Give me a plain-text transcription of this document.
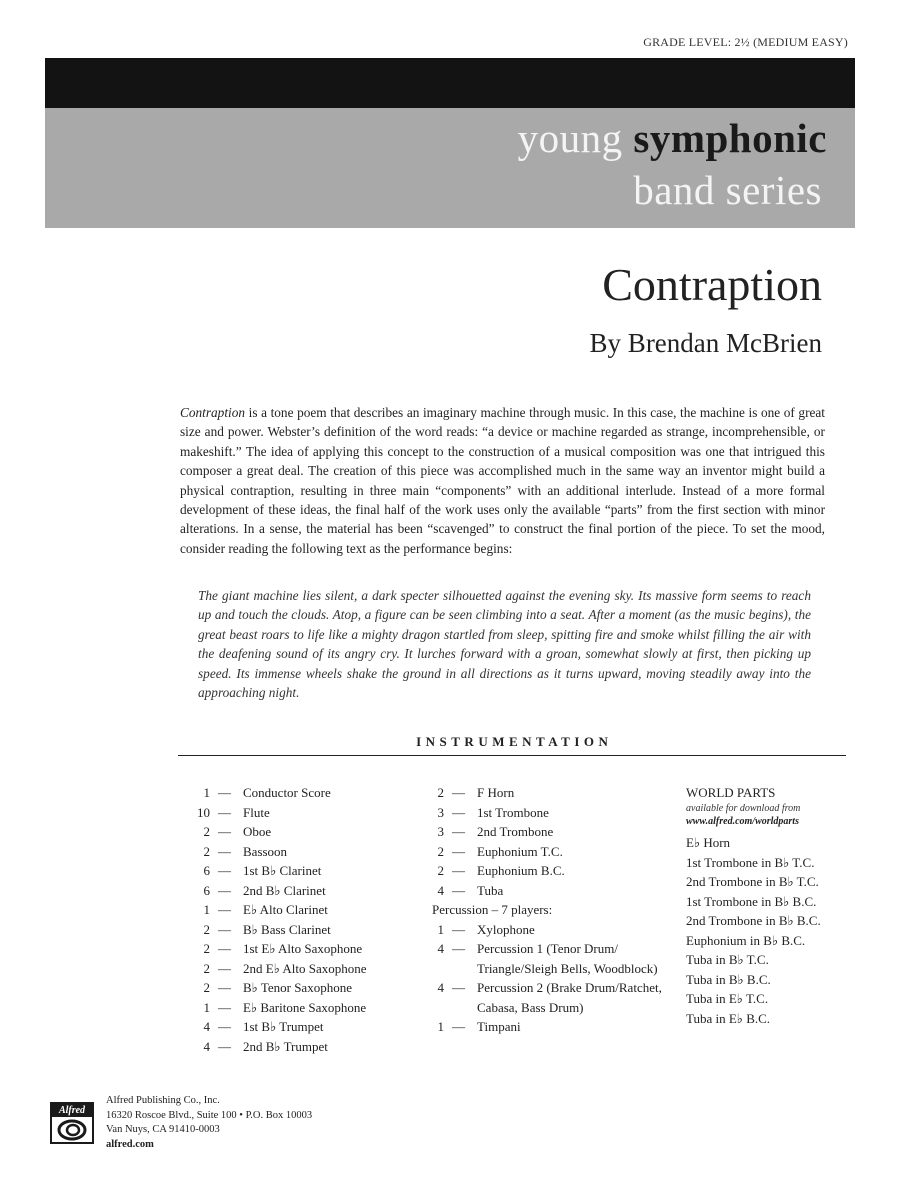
GRADE LEVEL: 2½ (MEDIUM EASY)
young symphonic
band series
Contraption
By Brendan McBrien
Contraption is a tone poem that describes an imaginary machine through music. In this case, the machine is one of great size and power. Webster’s definition of the word reads: “a device or machine regarded as strange, incomprehensible, or makeshift.” The idea of applying this concept to the construction of a musical composition was one that intrigued this composer a great deal. The creation of this piece was accomplished much in the same way an inventor might build a physical contraption, resulting in three main “components” with an additional interlude. Instead of a more formal development of these ideas, the final half of the work uses only the available “parts” from the first section with minor alterations. In a sense, the material has been “scavenged” to construct the final portion of the piece. To set the mood, consider reading the following text as the performance begins:
The giant machine lies silent, a dark specter silhouetted against the evening sky. Its massive form seems to reach up and touch the clouds. Atop, a figure can be seen climbing into a seat. After a moment (as the music begins), the great beast roars to life like a mighty dragon startled from sleep, spitting fire and smoke whilst filling the air with the deafening sound of its angry cry. It lurches forward with a groan, somewhat slowly at first, then picking up speed. Its immense wheels shake the ground in all directions as it turns upward, moving steadily away into the approaching night.
INSTRUMENTATION
1 — Conductor Score
10 — Flute
2 — Oboe
2 — Bassoon
6 — 1st B♭ Clarinet
6 — 2nd B♭ Clarinet
1 — E♭ Alto Clarinet
2 — B♭ Bass Clarinet
2 — 1st E♭ Alto Saxophone
2 — 2nd E♭ Alto Saxophone
2 — B♭ Tenor Saxophone
1 — E♭ Baritone Saxophone
4 — 1st B♭ Trumpet
4 — 2nd B♭ Trumpet
2 — F Horn
3 — 1st Trombone
3 — 2nd Trombone
2 — Euphonium T.C.
2 — Euphonium B.C.
4 — Tuba
Percussion – 7 players:
1 — Xylophone
4 — Percussion 1 (Tenor Drum/
Triangle/Sleigh Bells, Woodblock)
4 — Percussion 2 (Brake Drum/Ratchet,
Cabasa, Bass Drum)
1 — Timpani
WORLD PARTS
available for download from
www.alfred.com/worldparts
E♭ Horn
1st Trombone in B♭ T.C.
2nd Trombone in B♭ T.C.
1st Trombone in B♭ B.C.
2nd Trombone in B♭ B.C.
Euphonium in B♭ B.C.
Tuba in B♭ T.C.
Tuba in B♭ B.C.
Tuba in E♭ T.C.
Tuba in E♭ B.C.
Alfred
Alfred Publishing Co., Inc.
16320 Roscoe Blvd., Suite 100 • P.O. Box 10003
Van Nuys, CA 91410-0003
alfred.com
